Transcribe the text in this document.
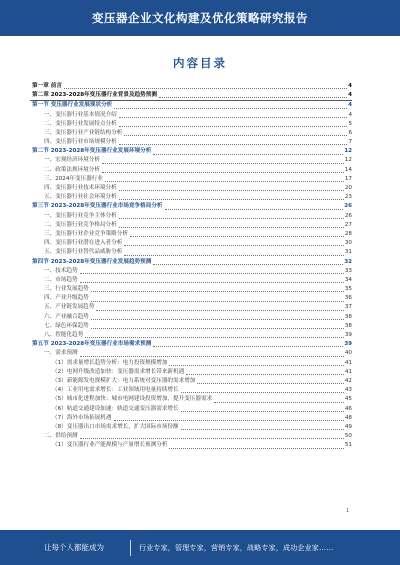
变压器企业文化构建及优化策略研究报告
内容目录
第一章 前言	4
第二章 2023-2028年变压器行业背景及趋势预测	4
第一节 变压器行业发展现状分析	4
一、变压器行业基本情况介绍	4
二、变压器行业发展特点分析	5
三、变压器行业产业链结构分析	6
四、变压器行业市场规模分析	7
第二节 2023-2028年变压器行业发展环境分析	12
一、宏观经济环境分析	12
二、政策法规环境分析	14
三、2024年变压器行业	17
四、变压器行业技术环境分析	20
五、变压器行业社会环境分析	23
第三节 2023-2028年变压器行业市场竞争格局分析	26
一、变压器行业竞争主体分析	26
二、变压器行业竞争格局分析	27
三、变压器行业企业竞争策略分析	28
四、变压器行业潜在进入者分析	30
五、变压器行业替代品威胁分析	31
第四节 2023-2028年变压器行业发展趋势预测	32
一、技术趋势	33
二、市场趋势	34
三、行业发展趋势	35
四、产业升级趋势	36
五、产业链发展趋势	37
六、产业融合趋势	38
七、绿色环保趋势	38
八、智能化趋势	39
第五节 2023-2028年变压器行业市场需求预测	39
一、需求预测	40
（1）需求量增长趋势分析：电力投资规模增加	41
（2）电网升级改造加快：变压器需求增长带来新机遇	41
（3）新能源发电规模扩大：电力系统对变压器的需求增加	42
（4）工业用电需求增长：工业领域用电量持续增长	43
（5）城市化进程加快：城市电网建设投资增加，提升变压器需求	45
（6）轨道交通建设加速：轨道交通变压器需求增长	46
（7）海外市场拓展机遇	48
（8）变压器出口市场需求增长，扩大国际市场份额	49
二、供给预测	50
（1）变压器行业产能规模与产量增长预测分析	51
1
让每个人都能成为	行业专家，管理专家，营销专家，战略专家，成功企业家……
